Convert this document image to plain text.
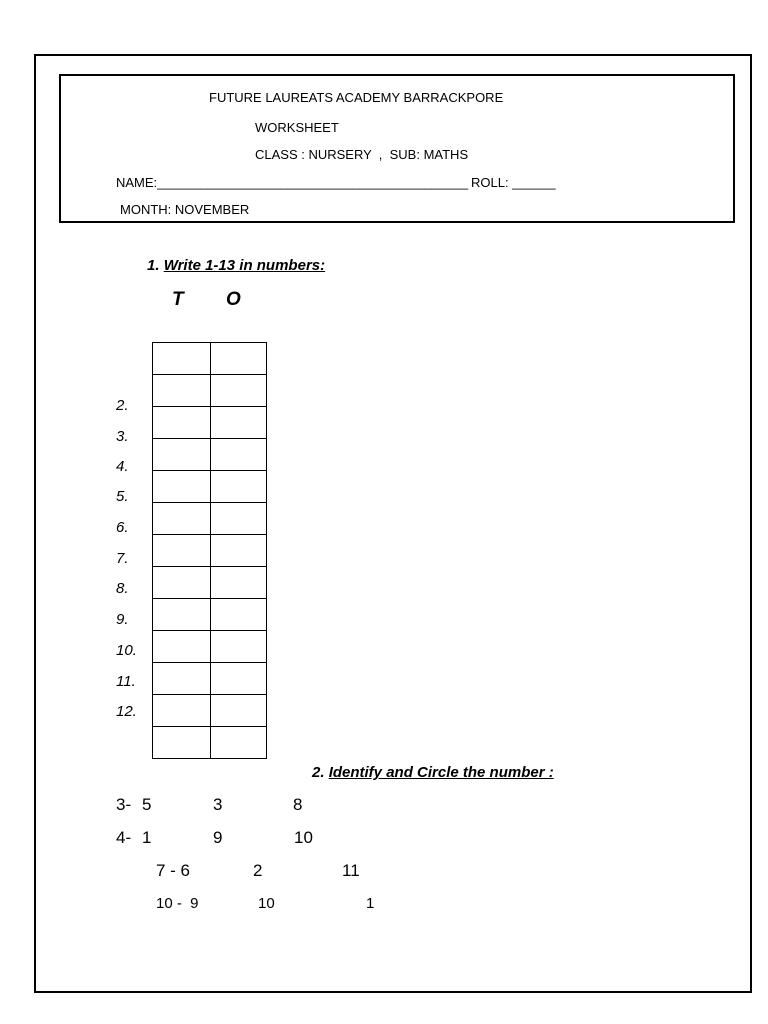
FUTURE LAUREATS ACADEMY BARRACKPORE
WORKSHEET
CLASS : NURSERY  ,  SUB: MATHS
NAME:___________________________________________ ROLL: ______
MONTH: NOVEMBER
1. Write 1-13 in numbers:
T O

2.
3.
4.
5.
6.
7.
8.
9.
10.
11.
12.
2. Identify and Circle the number :
3- 5	3	8
4- 1	9	10
7 - 6	2	11
10 -  9	10	1
